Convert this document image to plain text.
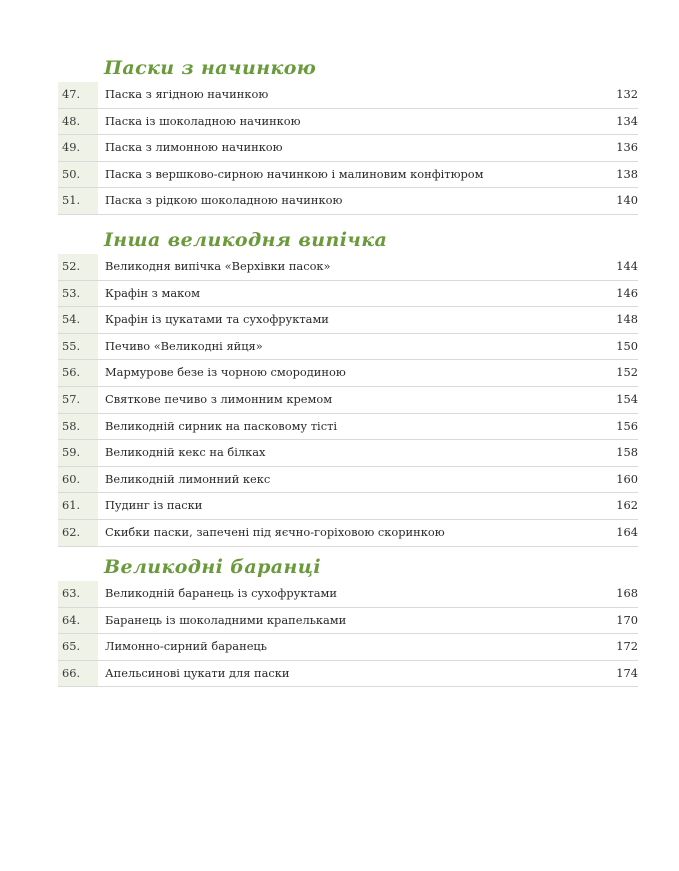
Паски з начинкою
47.	Паска з ягідною начинкою	132
48.	Паска із шоколадною начинкою	134
49.	Паска з лимонною начинкою	136
50.	Паска з вершково-сирною начинкою і малиновим конфітюром	138
51.	Паска з рідкою шоколадною начинкою	140
Інша великодня випічка
52.	Великодня випічка «Верхівки пасок»	144
53.	Крафін з маком	146
54.	Крафін із цукатами та сухофруктами	148
55.	Печиво «Великодні яйця»	150
56.	Мармурове безе із чорною смородиною	152
57.	Святкове печиво з лимонним кремом	154
58.	Великодній сирник на пасковому тісті	156
59.	Великодній кекс на білках	158
60.	Великодній лимонний кекс	160
61.	Пудинг із паски	162
62.	Скибки паски, запечені під яєчно-горіховою скоринкою	164
Великодні баранці
63.	Великодній баранець із сухофруктами	168
64.	Баранець із шоколадними крапельками	170
65.	Лимонно-сирний баранець	172
66.	Апельсинові цукати для паски	174
